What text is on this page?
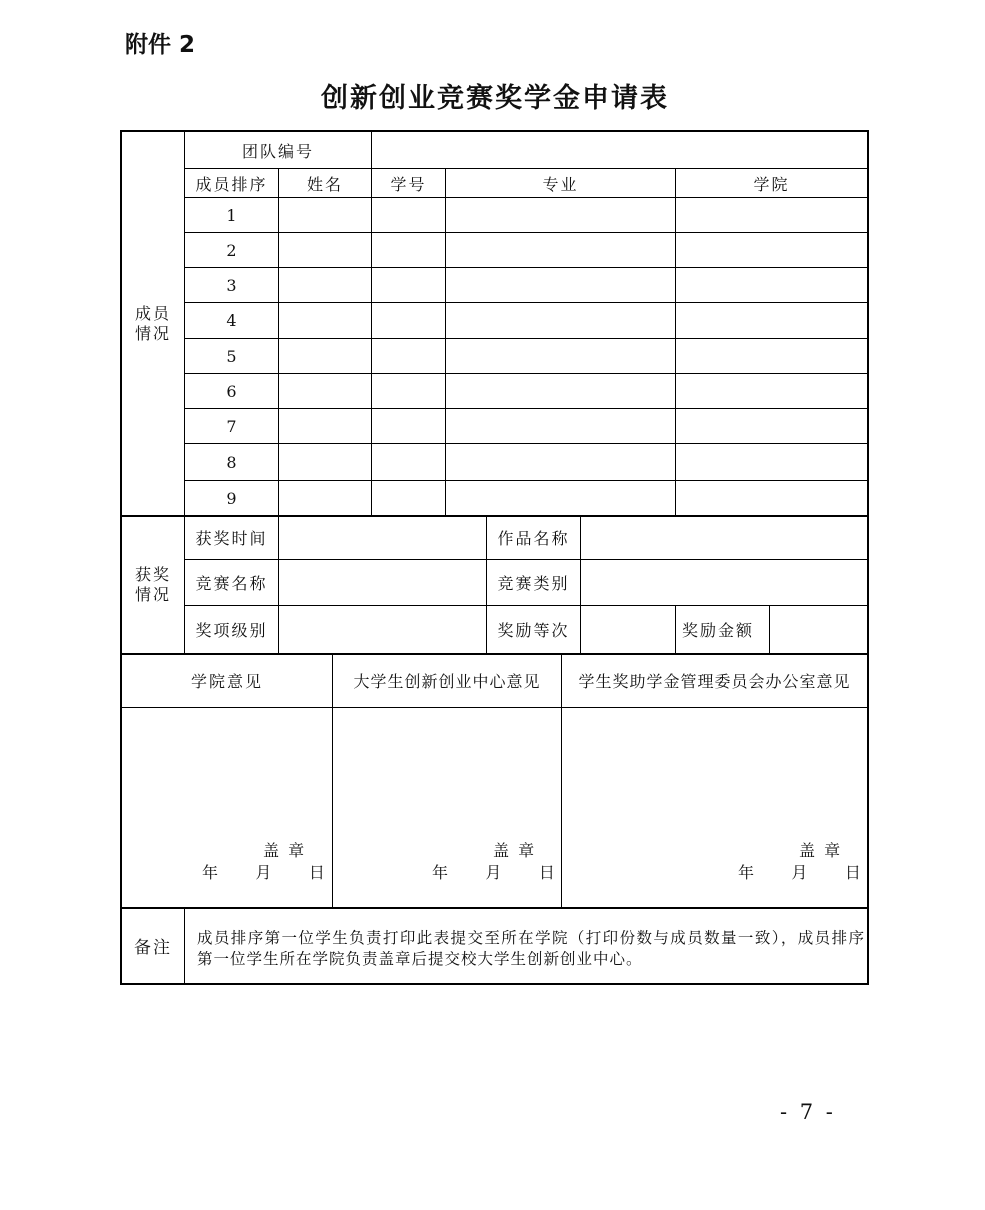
附件 2
创新创业竞赛奖学金申请表
成员
情况
团队编号
成员排序	姓名	学号	专业	学院
1
2
3
4
5
6
7
8
9
获奖
情况
获奖时间	作品名称
竞赛名称	竞赛类别
奖项级别	奖励等次	奖励金额
学院意见	大学生创新创业中心意见	学生奖助学金管理委员会办公室意见
盖 章
年     月     日
盖 章
年     月     日
盖 章
年     月     日
备注	成员排序第一位学生负责打印此表提交至所在学院（打印份数与成员数量一致），成员排序第一位学生所在学院负责盖章后提交校大学生创新创业中心。
- 7 -
